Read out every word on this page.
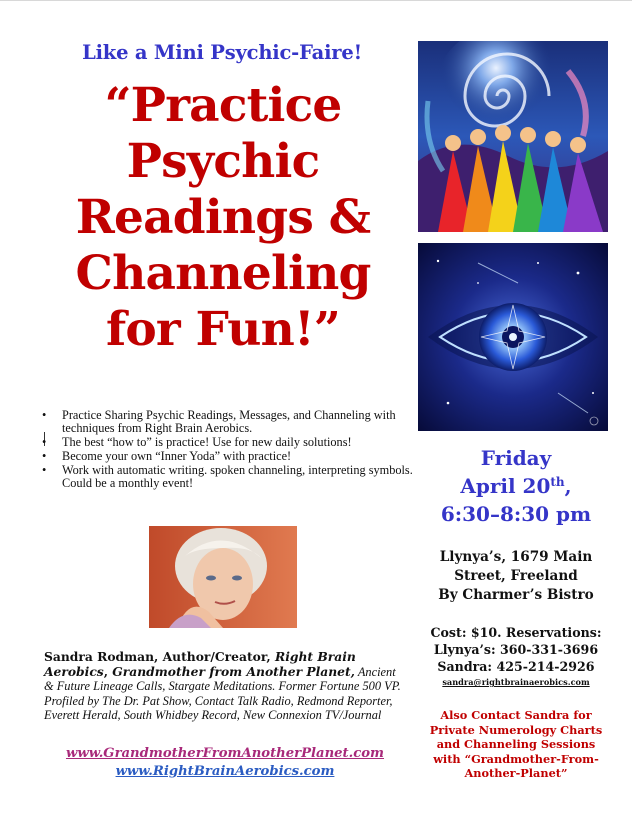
Like a Mini Psychic-Faire!
“Practice
Psychic
Readings &
Channeling
for Fun!”
• Practice Sharing Psychic Readings, Messages, and Channeling with techniques from Right Brain Aerobics.
• The best “how to” is practice! Use for new daily solutions!
• Become your own “Inner Yoda” with practice!
• Work with automatic writing. spoken channeling, interpreting symbols. Could be a monthly event!
Sandra Rodman, Author/Creator, Right Brain Aerobics, Grandmother from Another Planet, Ancient & Future Lineage Calls, Stargate Meditations. Former Fortune 500 VP. Profiled by The Dr. Pat Show, Contact Talk Radio, Redmond Reporter, Everett Herald, South Whidbey Record, New Connexion TV/Journal
www.GrandmotherFromAnotherPlanet.com
www.RightBrainAerobics.com
Friday
April 20th,
6:30–8:30 pm
Llynya’s, 1679 Main
Street, Freeland
By Charmer’s Bistro
Cost: $10. Reservations:
Llynya’s: 360-331-3696
Sandra: 425-214-2926
sandra@rightbrainaerobics.com
Also Contact Sandra for
Private Numerology Charts
and Channeling Sessions
with “Grandmother-From-
Another-Planet”
